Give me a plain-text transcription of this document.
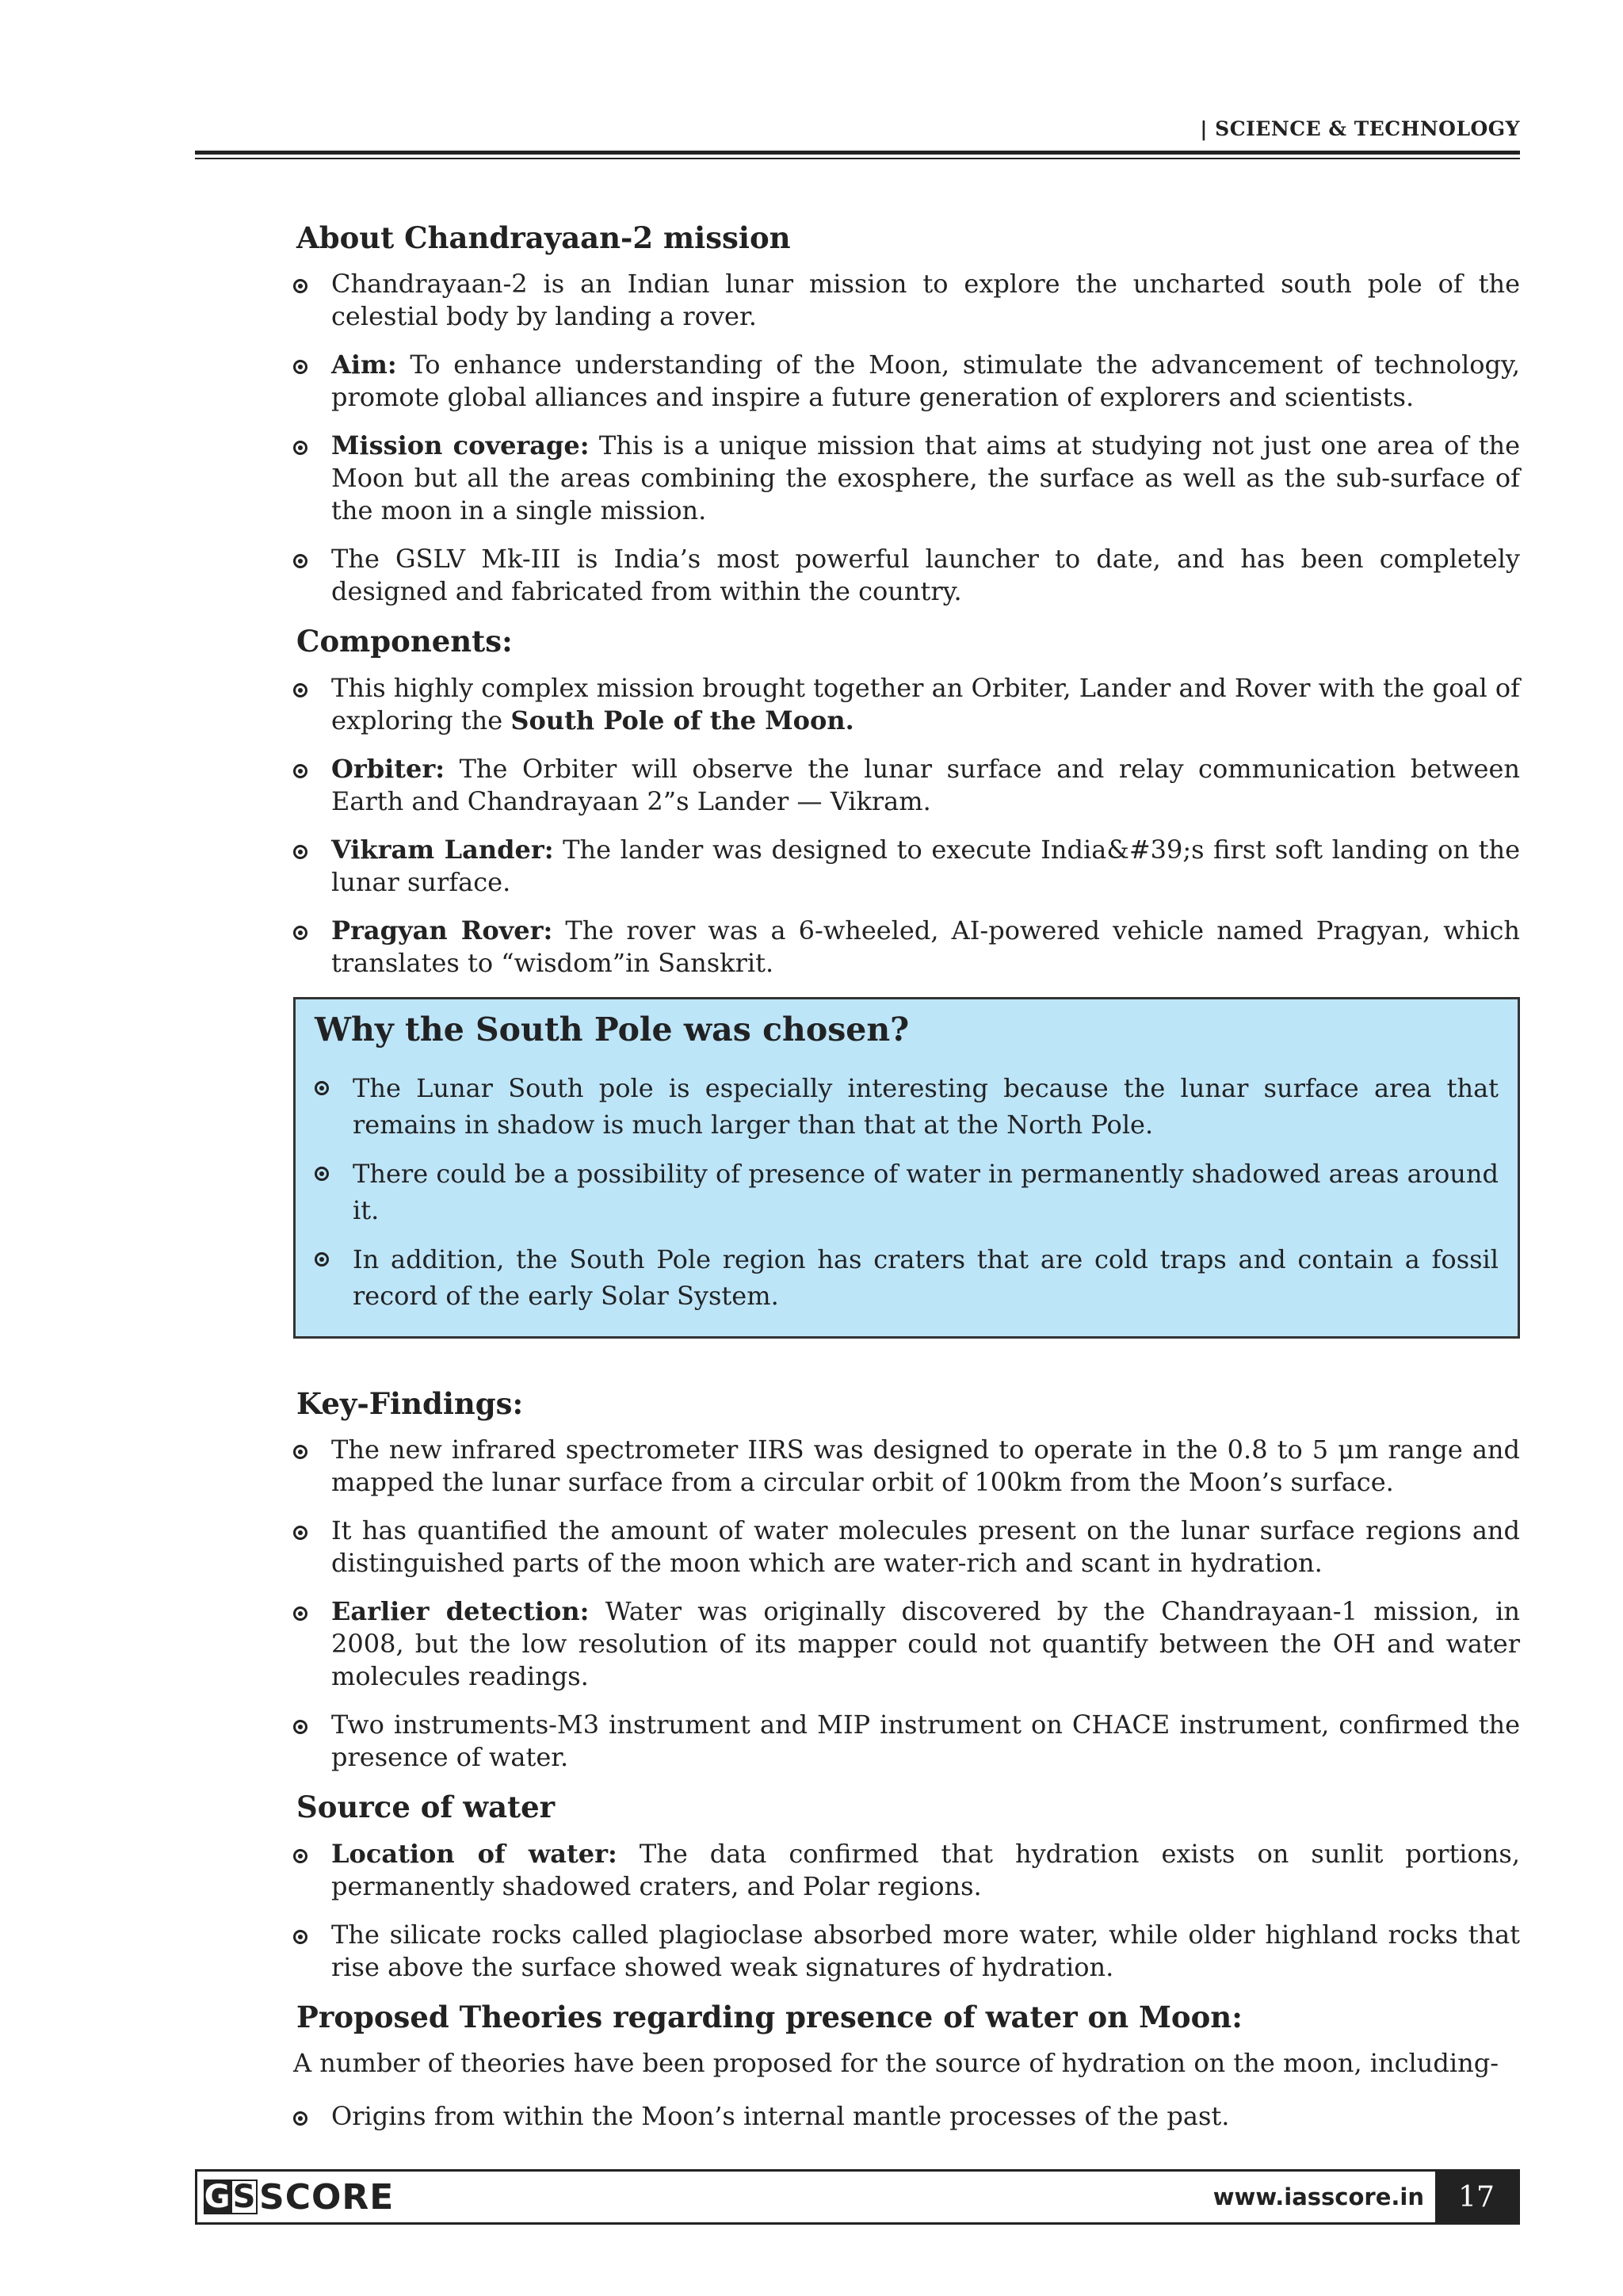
| SCIENCE & TECHNOLOGY
About Chandrayaan-2 mission
Chandrayaan-2 is an Indian lunar mission to explore the uncharted south pole of the celestial body by landing a rover.
Aim: To enhance understanding of the Moon, stimulate the advancement of technology, promote global alliances and inspire a future generation of explorers and scientists.
Mission coverage: This is a unique mission that aims at studying not just one area of the Moon but all the areas combining the exosphere, the surface as well as the sub-surface of the moon in a single mission.
The GSLV Mk-III is India’s most powerful launcher to date, and has been completely designed and fabricated from within the country.
Components:
This highly complex mission brought together an Orbiter, Lander and Rover with the goal of exploring the South Pole of the Moon.
Orbiter: The Orbiter will observe the lunar surface and relay communication between Earth and Chandrayaan 2”s Lander — Vikram.
Vikram Lander: The lander was designed to execute India&#39;s first soft landing on the lunar surface.
Pragyan Rover: The rover was a 6-wheeled, AI-powered vehicle named Pragyan, which translates to “wisdom”in Sanskrit.
Why the South Pole was chosen?
The Lunar South pole is especially interesting because the lunar surface area that remains in shadow is much larger than that at the North Pole.
There could be a possibility of presence of water in permanently shadowed areas around it.
In addition, the South Pole region has craters that are cold traps and contain a fossil record of the early Solar System.
Key-Findings:
The new infrared spectrometer IIRS was designed to operate in the 0.8 to 5 μm range and mapped the lunar surface from a circular orbit of 100km from the Moon’s surface.
It has quantified the amount of water molecules present on the lunar surface regions and distinguished parts of the moon which are water-rich and scant in hydration.
Earlier detection: Water was originally discovered by the Chandrayaan-1 mission, in 2008, but the low resolution of its mapper could not quantify between the OH and water molecules readings.
Two instruments-M3 instrument and MIP instrument on CHACE instrument, confirmed the presence of water.
Source of water
Location of water: The data confirmed that hydration exists on sunlit portions, permanently shadowed craters, and Polar regions.
The silicate rocks called plagioclase absorbed more water, while older highland rocks that rise above the surface showed weak signatures of hydration.
Proposed Theories regarding presence of water on Moon:
A number of theories have been proposed for the source of hydration on the moon, including-
Origins from within the Moon’s internal mantle processes of the past.
G S SCORE	www.iasscore.in	17
